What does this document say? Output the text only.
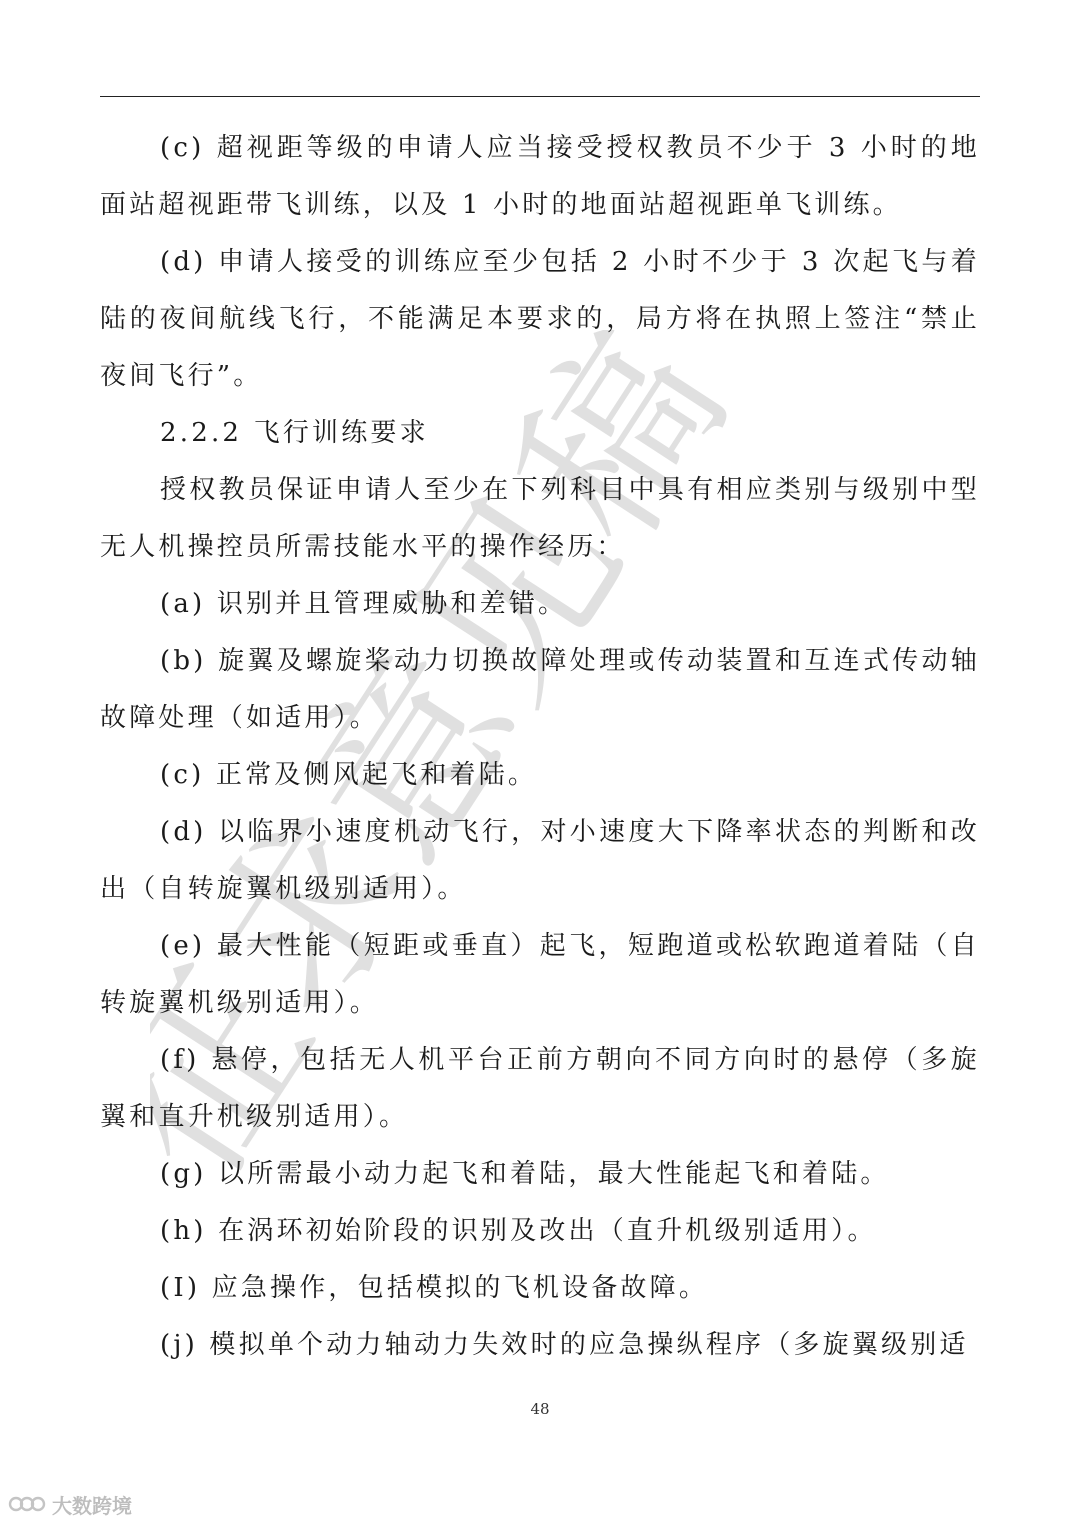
征求意见稿

(c) 超视距等级的申请人应当接受授权教员不少于 3 小时的地面站超视距带飞训练，以及 1 小时的地面站超视距单飞训练。

(d) 申请人接受的训练应至少包括 2 小时不少于 3 次起飞与着陆的夜间航线飞行，不能满足本要求的，局方将在执照上签注“禁止夜间飞行”。

2.2.2 飞行训练要求

授权教员保证申请人至少在下列科目中具有相应类别与级别中型无人机操控员所需技能水平的操作经历：

(a) 识别并且管理威胁和差错。

(b) 旋翼及螺旋桨动力切换故障处理或传动装置和互连式传动轴故障处理（如适用）。

(c) 正常及侧风起飞和着陆。

(d) 以临界小速度机动飞行，对小速度大下降率状态的判断和改出（自转旋翼机级别适用）。

(e) 最大性能（短距或垂直）起飞，短跑道或松软跑道着陆（自转旋翼机级别适用）。

(f) 悬停，包括无人机平台正前方朝向不同方向时的悬停（多旋翼和直升机级别适用）。

(g) 以所需最小动力起飞和着陆，最大性能起飞和着陆。

(h) 在涡环初始阶段的识别及改出（直升机级别适用）。

(I) 应急操作，包括模拟的飞机设备故障。

(j) 模拟单个动力轴动力失效时的应急操纵程序（多旋翼级别适

48
大数跨境
